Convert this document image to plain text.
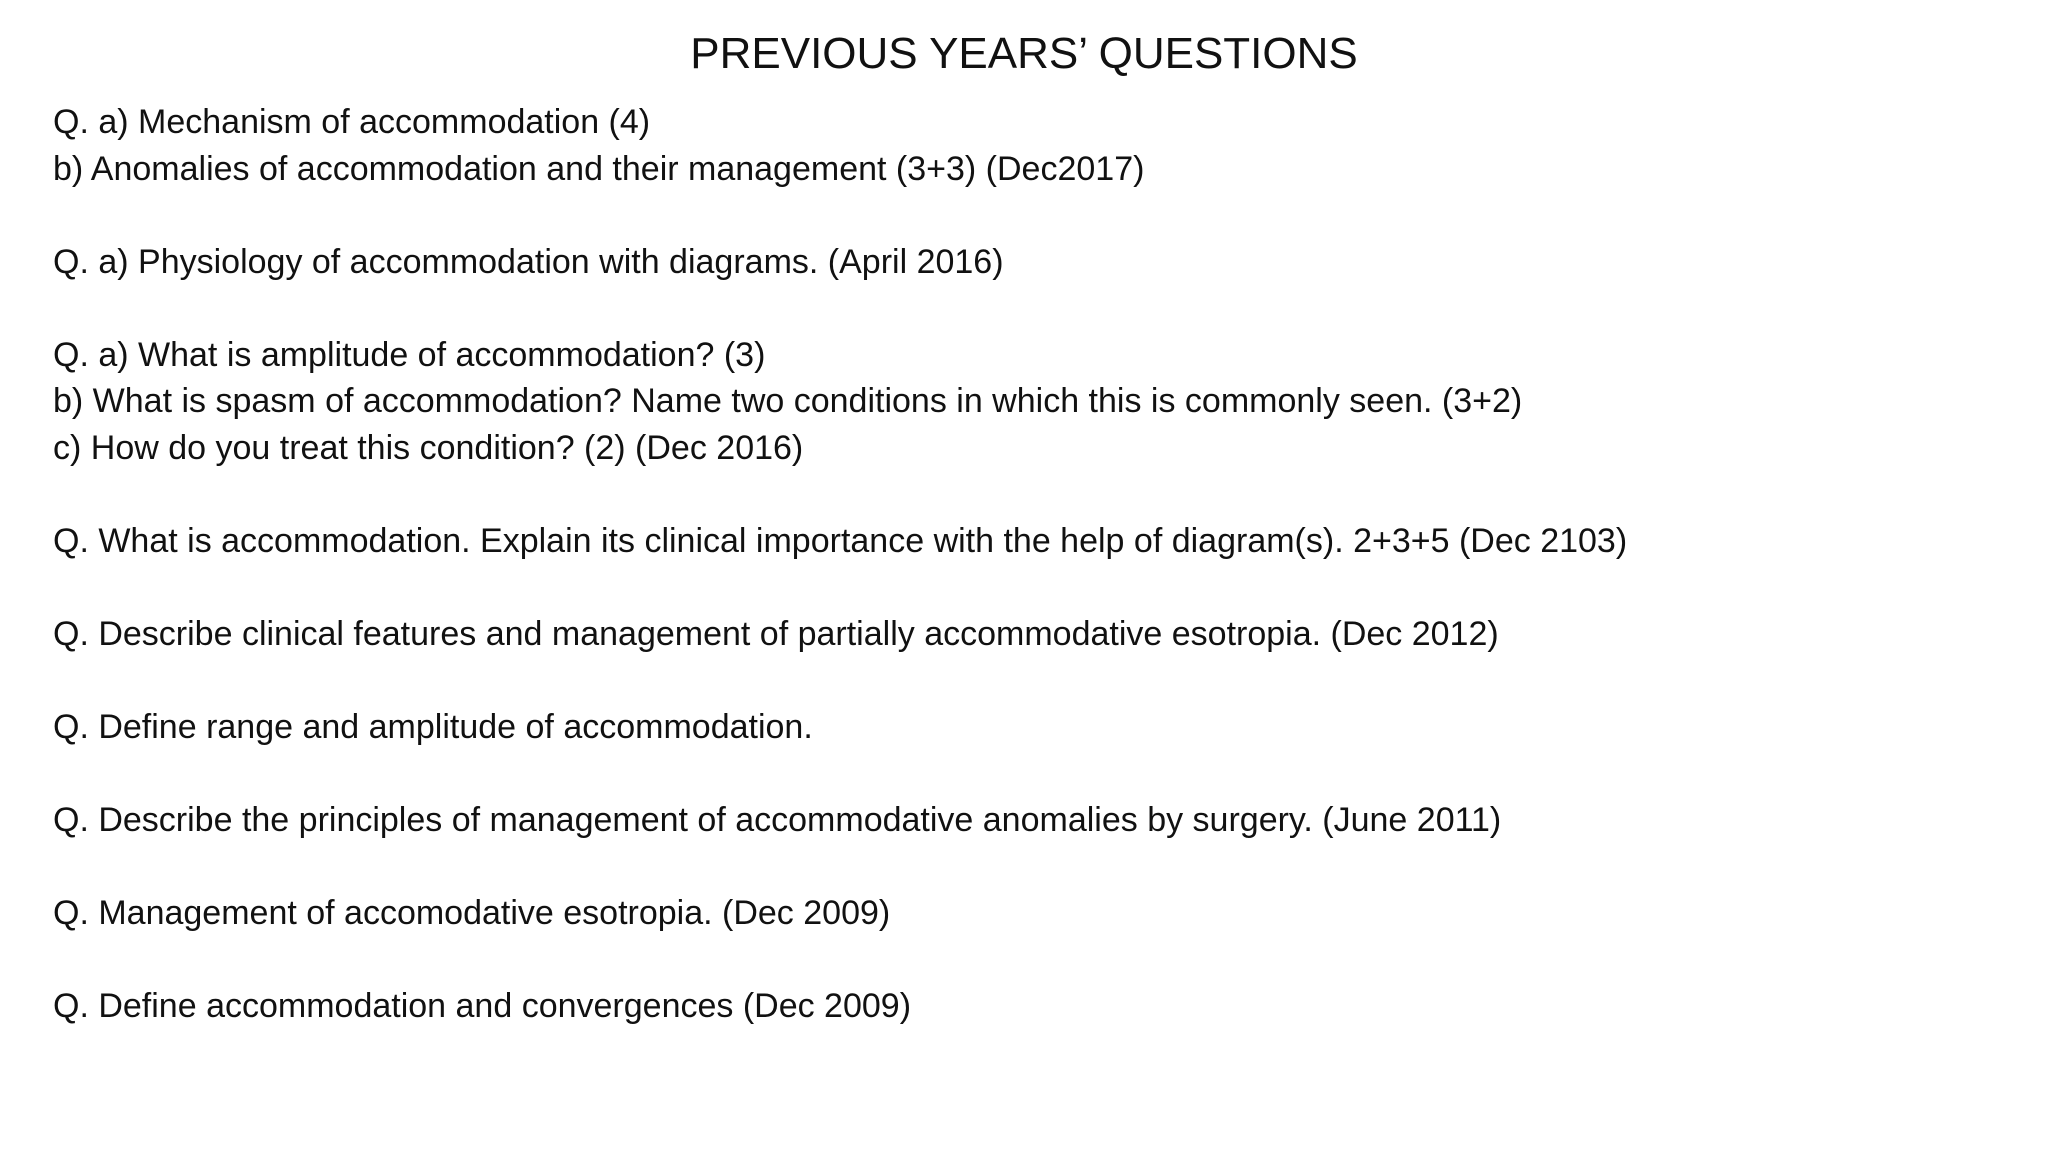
PREVIOUS YEARS’ QUESTIONS
Q. a) Mechanism of accommodation (4)
b) Anomalies of accommodation and their management (3+3) (Dec2017)
Q. a) Physiology of accommodation with diagrams. (April 2016)
Q. a) What is amplitude of accommodation? (3)
b) What is spasm of accommodation? Name two conditions in which this is commonly seen. (3+2)
c) How do you treat this condition? (2) (Dec 2016)
Q. What is accommodation. Explain its clinical importance with the help of diagram(s). 2+3+5 (Dec 2103)
Q. Describe clinical features and management of partially accommodative esotropia. (Dec 2012)
Q. Define range and amplitude of accommodation.
Q. Describe the principles of management of accommodative anomalies by surgery. (June 2011)
Q. Management of accomodative esotropia. (Dec 2009)
Q. Define accommodation and convergences (Dec 2009)
